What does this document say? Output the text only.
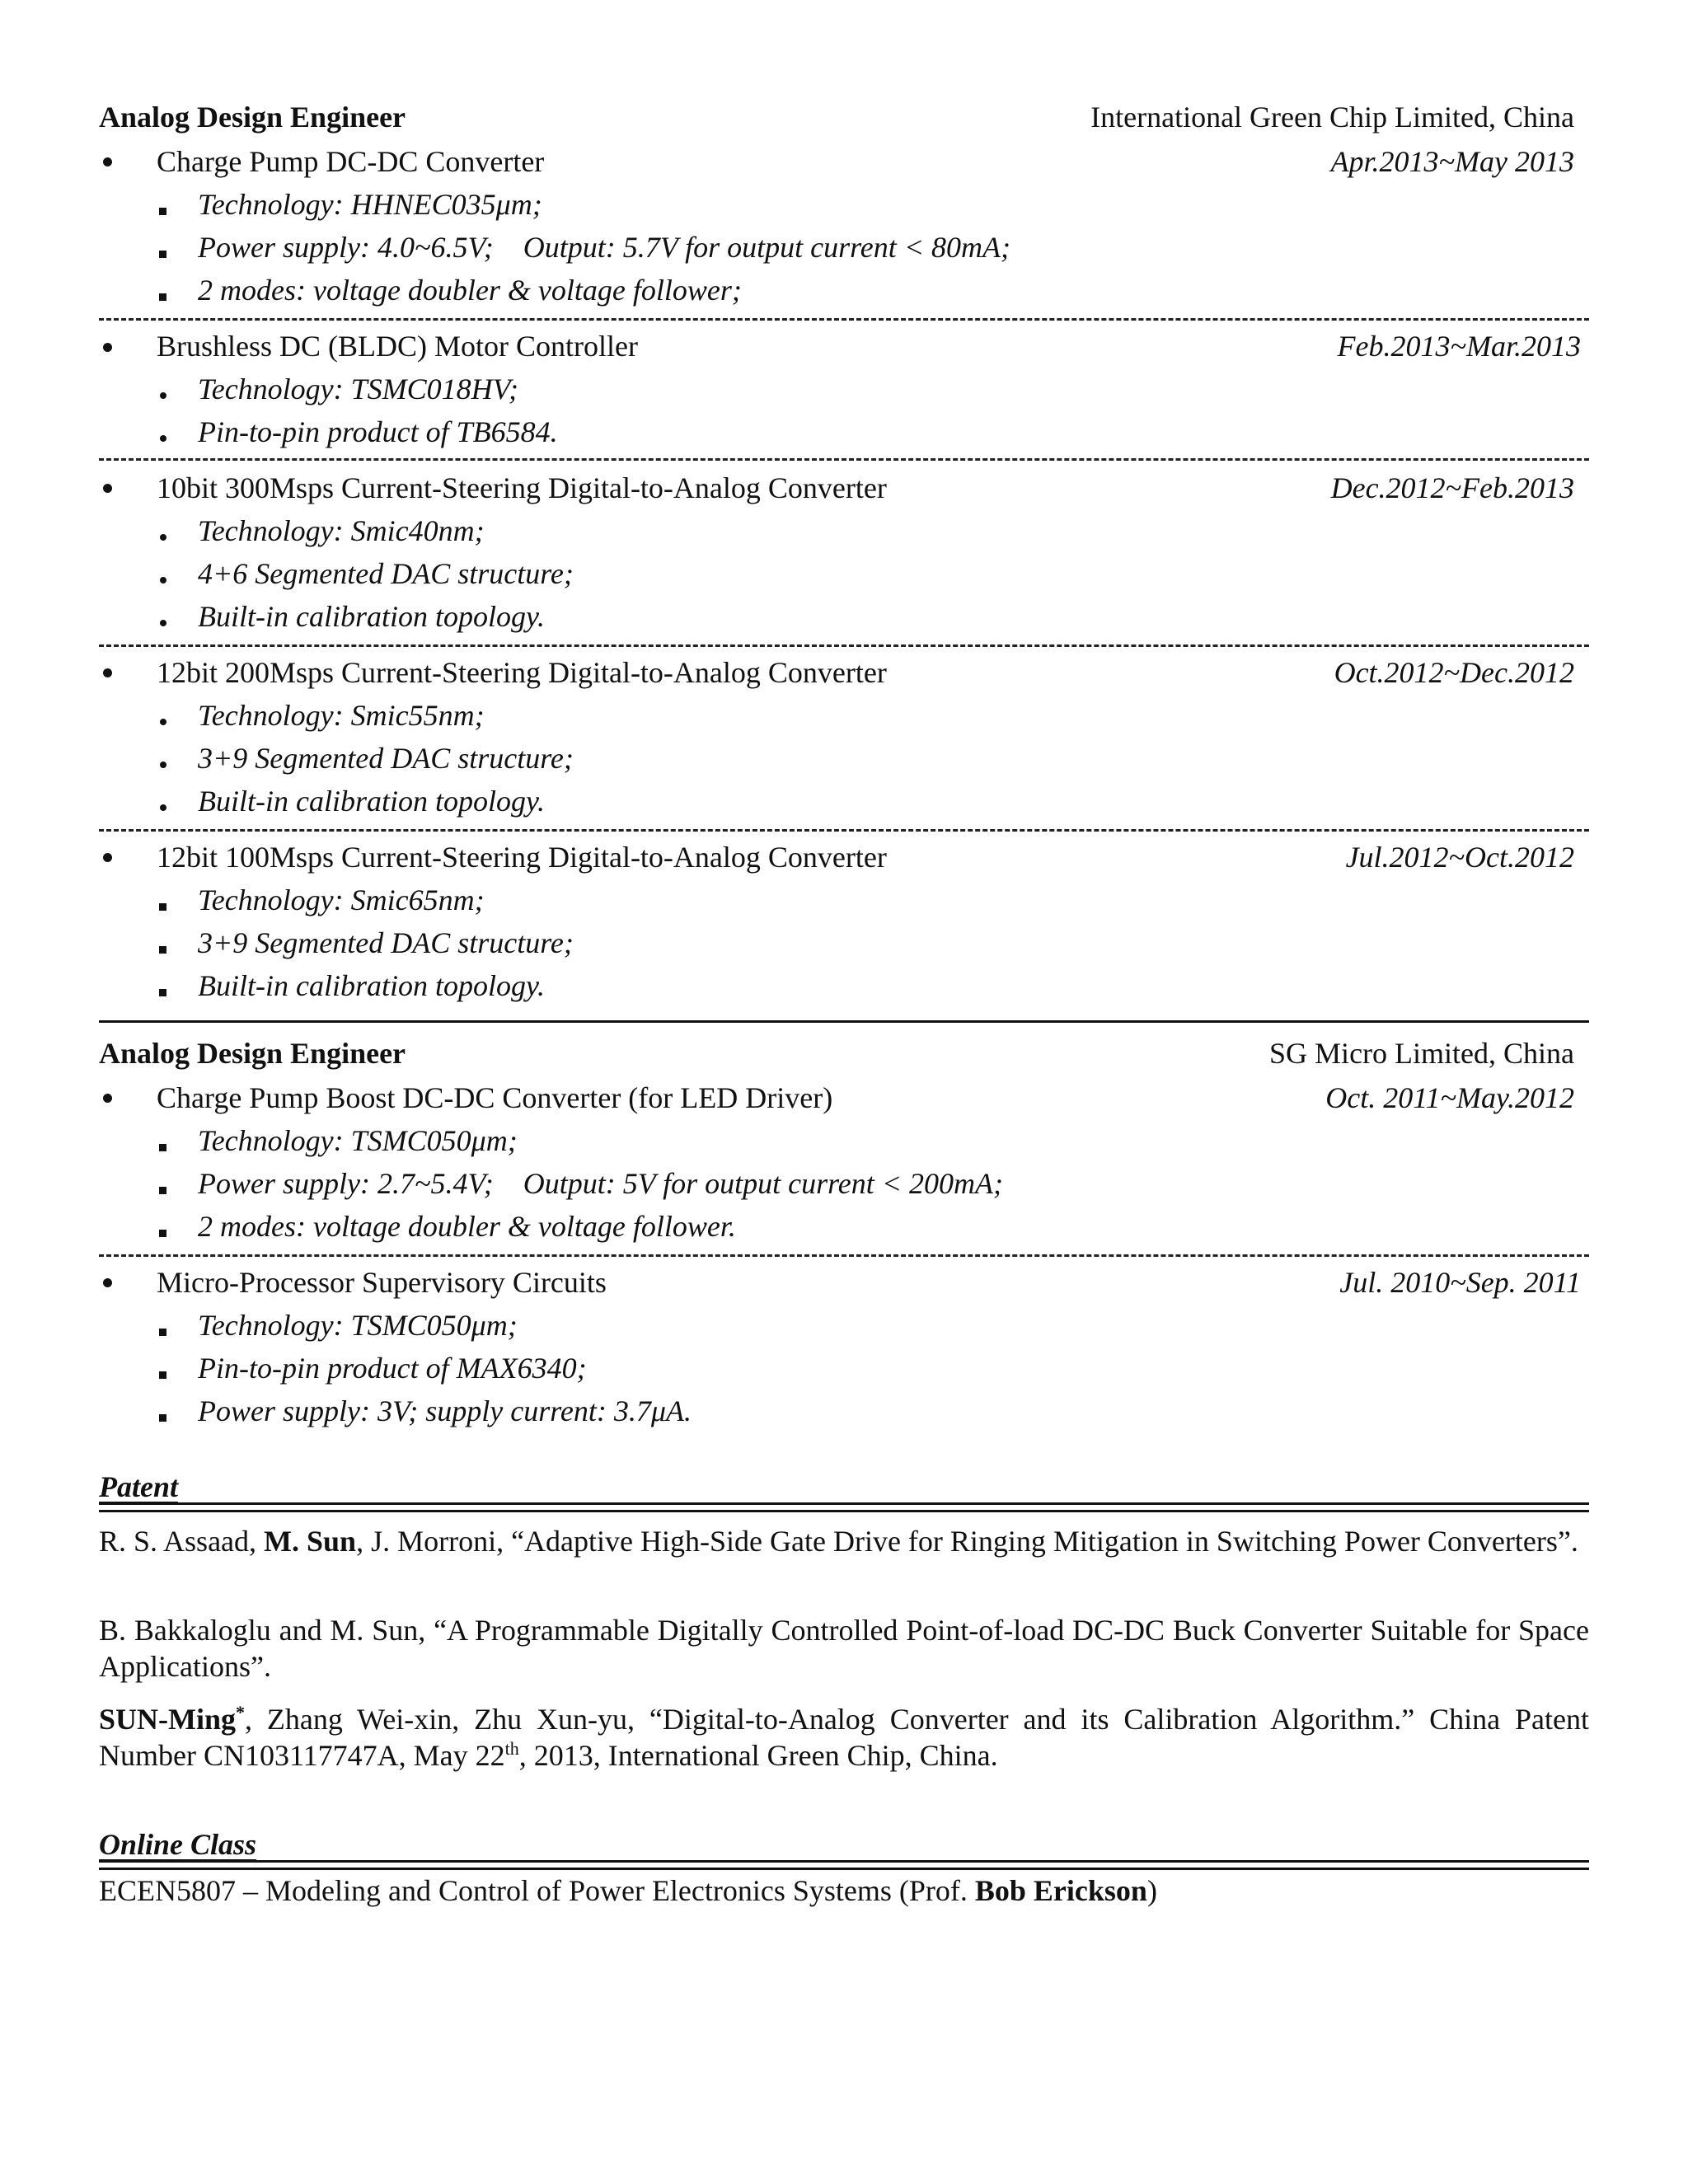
Analog Design Engineer	International Green Chip Limited, China
Charge Pump DC-DC Converter	Apr.2013~May 2013
Technology: HHNEC035μm;
Power supply: 4.0~6.5V;    Output: 5.7V for output current < 80mA;
2 modes: voltage doubler & voltage follower;
Brushless DC (BLDC) Motor Controller	Feb.2013~Mar.2013
Technology: TSMC018HV;
Pin-to-pin product of TB6584.
10bit 300Msps Current-Steering Digital-to-Analog Converter	Dec.2012~Feb.2013
Technology: Smic40nm;
4+6 Segmented DAC structure;
Built-in calibration topology.
12bit 200Msps Current-Steering Digital-to-Analog Converter	Oct.2012~Dec.2012
Technology: Smic55nm;
3+9 Segmented DAC structure;
Built-in calibration topology.
12bit 100Msps Current-Steering Digital-to-Analog Converter	Jul.2012~Oct.2012
Technology: Smic65nm;
3+9 Segmented DAC structure;
Built-in calibration topology.
Analog Design Engineer	SG Micro Limited, China
Charge Pump Boost DC-DC Converter (for LED Driver)	Oct. 2011~May.2012
Technology: TSMC050μm;
Power supply: 2.7~5.4V;    Output: 5V for output current < 200mA;
2 modes: voltage doubler & voltage follower.
Micro-Processor Supervisory Circuits	Jul. 2010~Sep. 2011
Technology: TSMC050μm;
Pin-to-pin product of MAX6340;
Power supply: 3V; supply current: 3.7μA.
Patent
R. S. Assaad, M. Sun, J. Morroni, “Adaptive High-Side Gate Drive for Ringing Mitigation in Switching Power Converters”.
B. Bakkaloglu and M. Sun, “A Programmable Digitally Controlled Point-of-load DC-DC Buck Converter Suitable for Space Applications”.
SUN-Ming*, Zhang Wei-xin, Zhu Xun-yu, “Digital-to-Analog Converter and its Calibration Algorithm.” China Patent Number CN103117747A, May 22th, 2013, International Green Chip, China.
Online Class
ECEN5807 – Modeling and Control of Power Electronics Systems (Prof. Bob Erickson)
